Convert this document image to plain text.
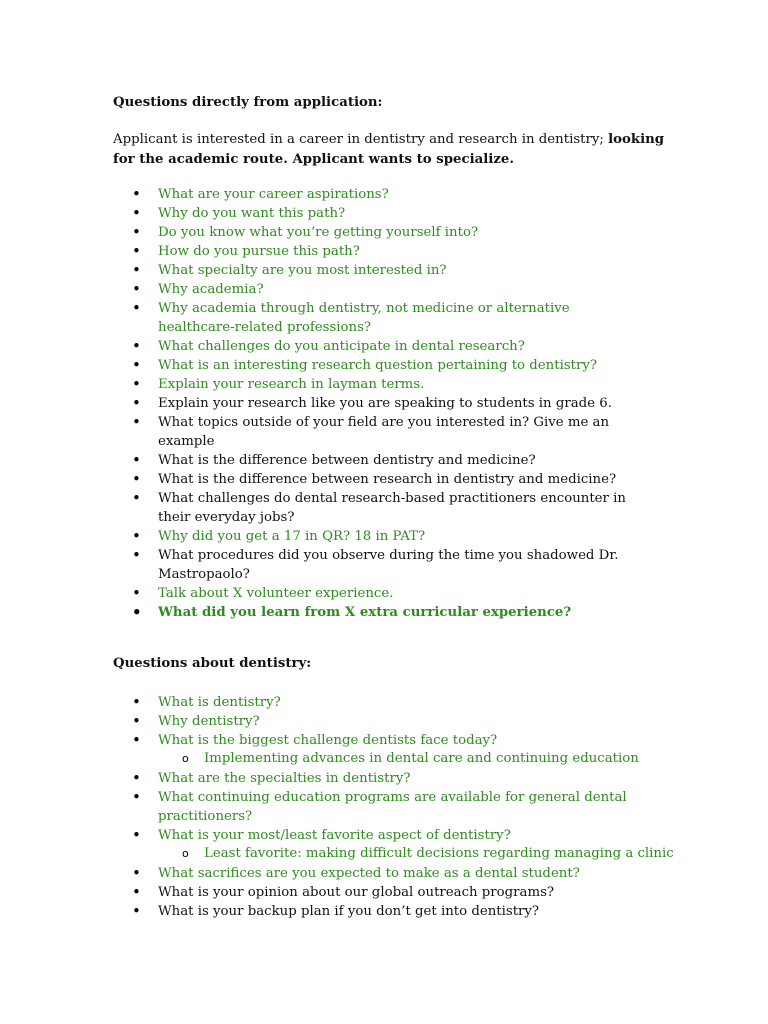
Questions directly from application:
Applicant is interested in a career in dentistry and research in dentistry; looking for the academic route. Applicant wants to specialize.
• What are your career aspirations?
• Why do you want this path?
• Do you know what you’re getting yourself into?
• How do you pursue this path?
• What specialty are you most interested in?
• Why academia?
• Why academia through dentistry, not medicine or alternative healthcare-related professions?
• What challenges do you anticipate in dental research?
• What is an interesting research question pertaining to dentistry?
• Explain your research in layman terms.
• Explain your research like you are speaking to students in grade 6.
• What topics outside of your field are you interested in? Give me an example
• What is the difference between dentistry and medicine?
• What is the difference between research in dentistry and medicine?
• What challenges do dental research-based practitioners encounter in their everyday jobs?
• Why did you get a 17 in QR? 18 in PAT?
• What procedures did you observe during the time you shadowed Dr. Mastropaolo?
• Talk about X volunteer experience.
• What did you learn from X extra curricular experience?
Questions about dentistry:
• What is dentistry?
• Why dentistry?
• What is the biggest challenge dentists face today?
o Implementing advances in dental care and continuing education
• What are the specialties in dentistry?
• What continuing education programs are available for general dental practitioners?
• What is your most/least favorite aspect of dentistry?
o Least favorite: making difficult decisions regarding managing a clinic
• What sacrifices are you expected to make as a dental student?
• What is your opinion about our global outreach programs?
• What is your backup plan if you don’t get into dentistry?
